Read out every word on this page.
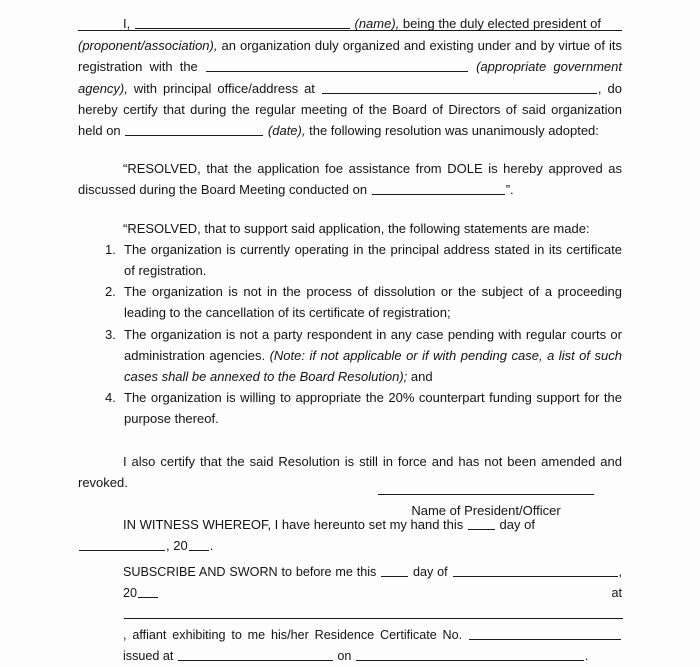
I,	(name), being the duly elected president of

(proponent/association), an organization duly organized and existing under and by virtue of its registration with the	(appropriate government agency), with principal office/address at	, do hereby certify that during the regular meeting of the Board of Directors of said organization held on	(date), the following resolution was unanimously adopted:

“RESOLVED, that the application foe assistance from DOLE is hereby approved as discussed during the Board Meeting conducted on	”.

“RESOLVED, that to support said application, the following statements are made:

1. The organization is currently operating in the principal address stated in its certificate of registration.
2. The organization is not in the process of dissolution or the subject of a proceeding leading to the cancellation of its certificate of registration;
3. The organization is not a party respondent in any case pending with regular courts or administration agencies. (Note: if not applicable or if with pending case, a list of such cases shall be annexed to the Board Resolution); and
4. The organization is willing to appropriate the 20% counterpart funding support for the purpose thereof.

I also certify that the said Resolution is still in force and has not been amended and revoked.

IN WITNESS WHEREOF, I have hereunto set my hand this	day of , 20 .

Name of President/Officer
SUBSCRIBE AND SWORN to before me this	day of	, 20	at , affiant exhibiting to me his/her Residence Certificate No.  issued at	on	.
